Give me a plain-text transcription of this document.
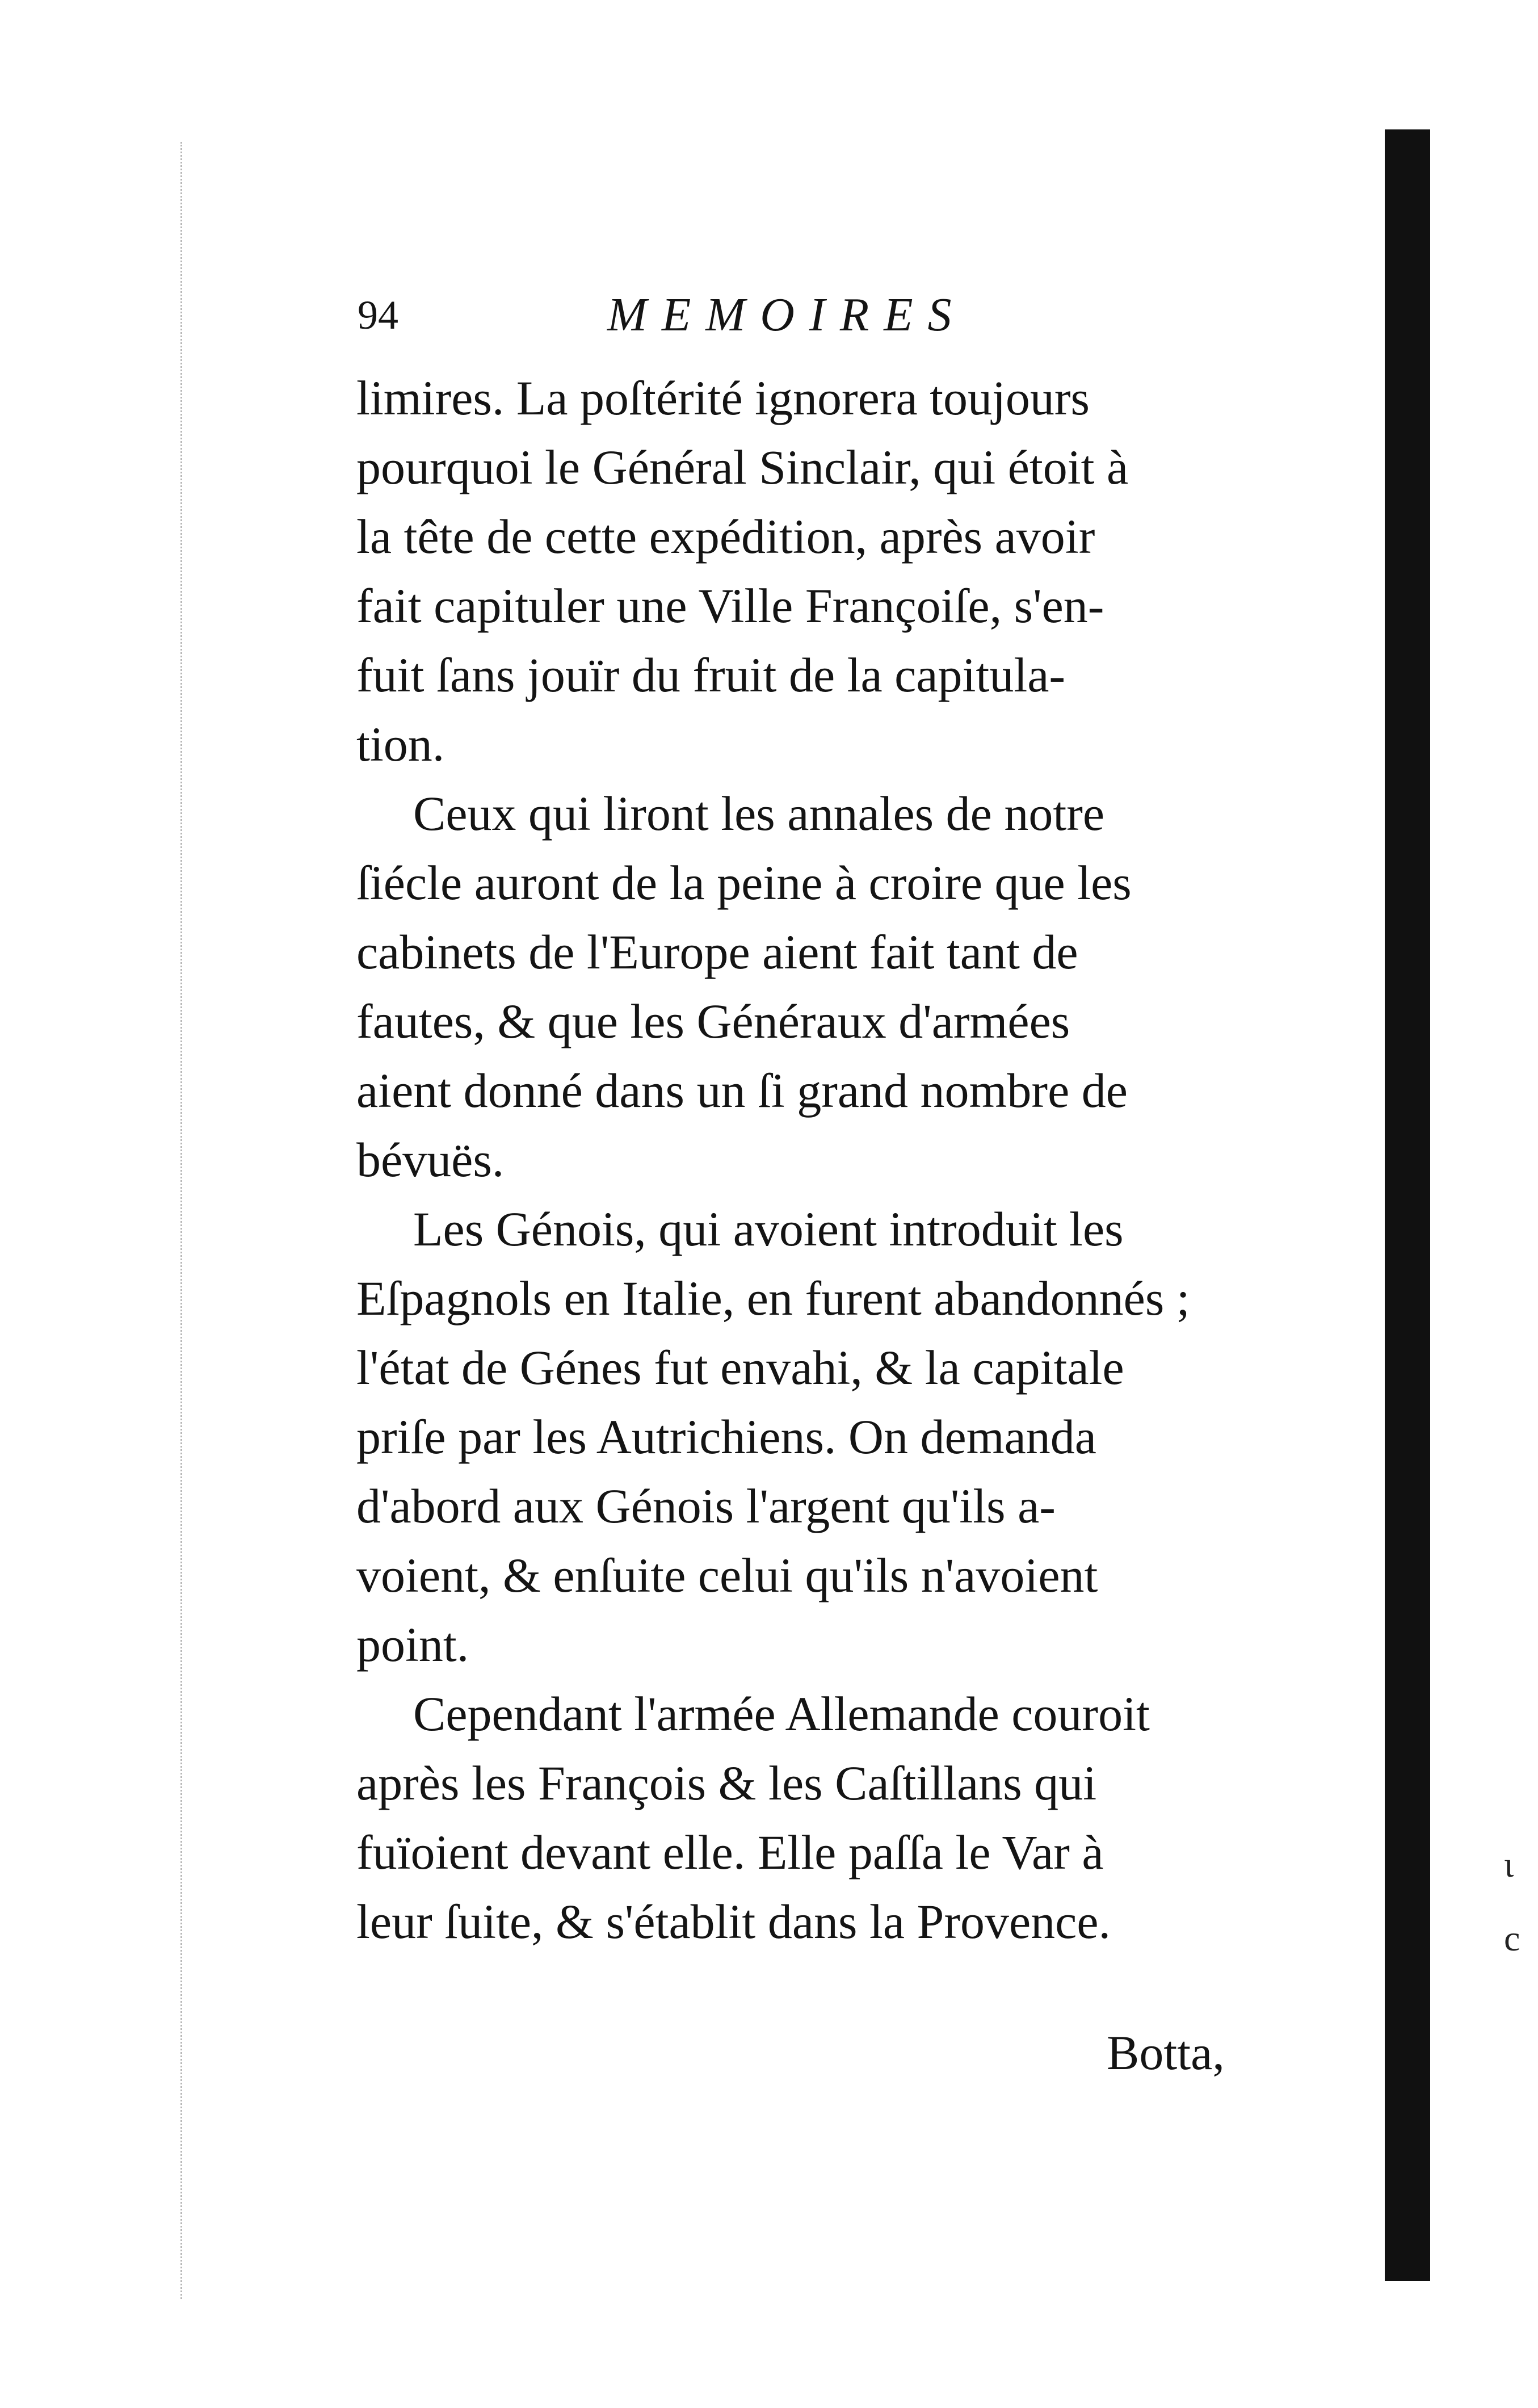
94	MEMOIRES

limires. La poſtérité ignorera toujours
pourquoi le Général Sinclair, qui étoit à
la tête de cette expédition, après avoir
fait capituler une Ville Françoiſe, s'en-
fuit ſans jouïr du fruit de la capitula-
tion.

Ceux qui liront les annales de notre
ſiécle auront de la peine à croire que les
cabinets de l'Europe aient fait tant de
fautes, & que les Généraux d'armées
aient donné dans un ſi grand nombre de
bévuës.

Les Génois, qui avoient introduit les
Eſpagnols en Italie, en furent abandonnés ;
l'état de Génes fut envahi, & la capitale
priſe par les Autrichiens. On demanda
d'abord aux Génois l'argent qu'ils a-
voient, & enſuite celui qu'ils n'avoient
point.

Cependant l'armée Allemande couroit
après les François & les Caſtillans qui
fuïoient devant elle. Elle paſſa le Var à
leur ſuite, & s'établit dans la Provence.

Botta,
ι
c
